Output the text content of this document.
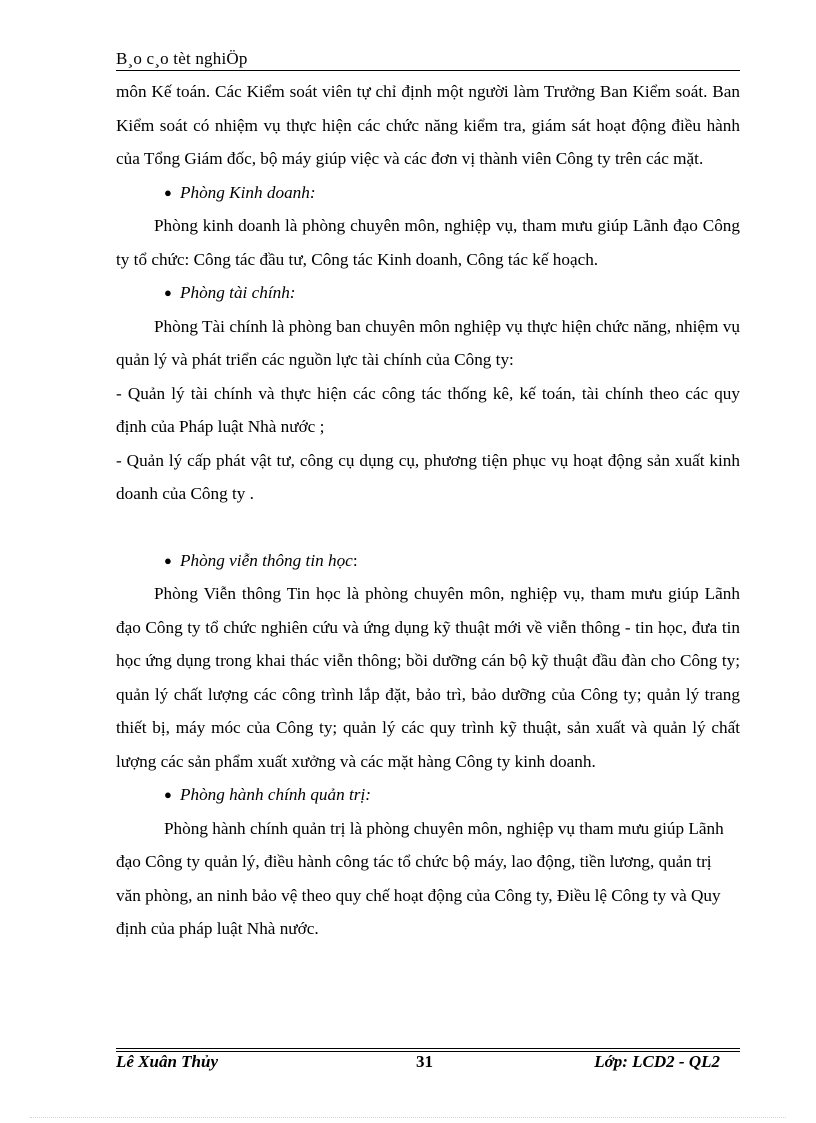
B¸o c¸o tèt nghiÖp

môn Kế toán. Các Kiểm soát viên tự chỉ định một người làm Trưởng Ban Kiểm soát. Ban Kiểm soát có nhiệm vụ thực hiện các chức năng kiểm tra, giám sát hoạt động điều hành của Tổng Giám đốc, bộ máy giúp việc và các đơn vị thành viên Công ty trên các mặt.

● Phòng Kinh doanh:

Phòng kinh doanh là phòng chuyên môn, nghiệp vụ, tham mưu giúp Lãnh đạo Công ty tổ chức: Công tác đầu tư, Công tác Kinh doanh, Công tác kế hoạch.

● Phòng tài chính:

Phòng Tài chính là phòng ban chuyên môn nghiệp vụ thực hiện chức năng, nhiệm vụ quản lý và phát triển các nguồn lực tài chính của Công ty:

- Quản lý tài chính và thực hiện các công tác thống kê, kế toán, tài chính theo các quy định của Pháp luật Nhà nước ;

- Quản lý cấp phát vật tư, công cụ dụng cụ, phương tiện phục vụ hoạt động sản xuất kinh doanh của Công ty .

● Phòng viễn thông tin học:

Phòng Viễn thông Tin học là phòng chuyên môn, nghiệp vụ, tham mưu giúp Lãnh đạo Công ty tổ chức nghiên cứu và ứng dụng kỹ thuật mới về viễn thông - tin học, đưa tin học ứng dụng trong khai thác viễn thông; bồi dưỡng cán bộ kỹ thuật đầu đàn cho Công ty; quản lý chất lượng các công trình lắp đặt, bảo trì, bảo dưỡng của Công ty; quản lý trang thiết bị, máy móc của Công ty; quản lý các quy trình kỹ thuật, sản xuất và quản lý chất lượng các sản phẩm xuất xưởng và các mặt hàng Công ty kinh doanh.

● Phòng hành chính quản trị:

Phòng hành chính quản trị là phòng chuyên môn, nghiệp vụ tham mưu giúp Lãnh đạo Công ty quản lý, điều hành công tác tổ chức bộ máy, lao động, tiền lương, quản trị văn phòng, an ninh bảo vệ theo quy chế hoạt động của Công ty, Điều lệ Công ty và Quy định của pháp luật Nhà nước.

Lê Xuân Thủy	31	Lớp: LCD2 - QL2
